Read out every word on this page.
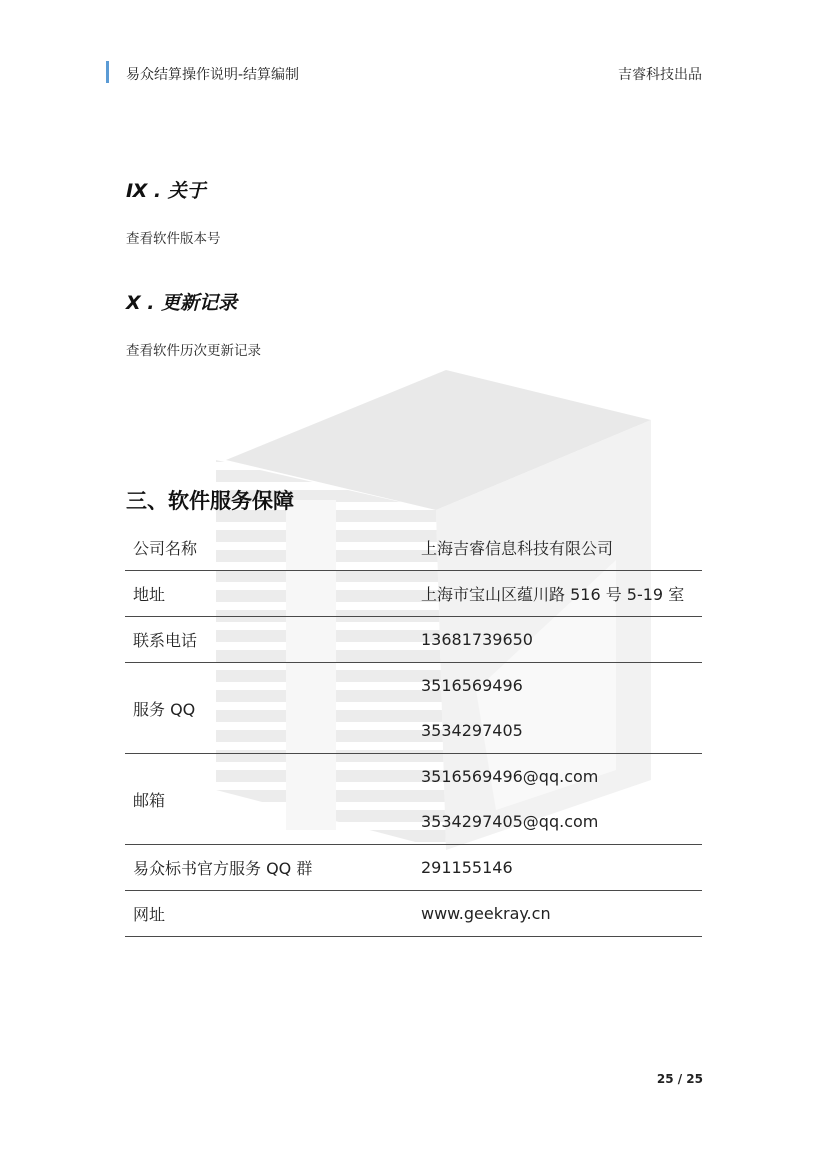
易众结算操作说明-结算编制	吉睿科技出品
Ⅸ . 关于
查看软件版本号
Ⅹ . 更新记录
查看软件历次更新记录
三、软件服务保障
公司名称	上海吉睿信息科技有限公司
地址	上海市宝山区蕴川路 516 号 5-19 室
联系电话	13681739650
服务 QQ	3516569496
3534297405

邮箱	3516569496@qq.com
3534297405@qq.com

易众标书官方服务 QQ 群	291155146
网址	www.geekray.cn
25 / 25
